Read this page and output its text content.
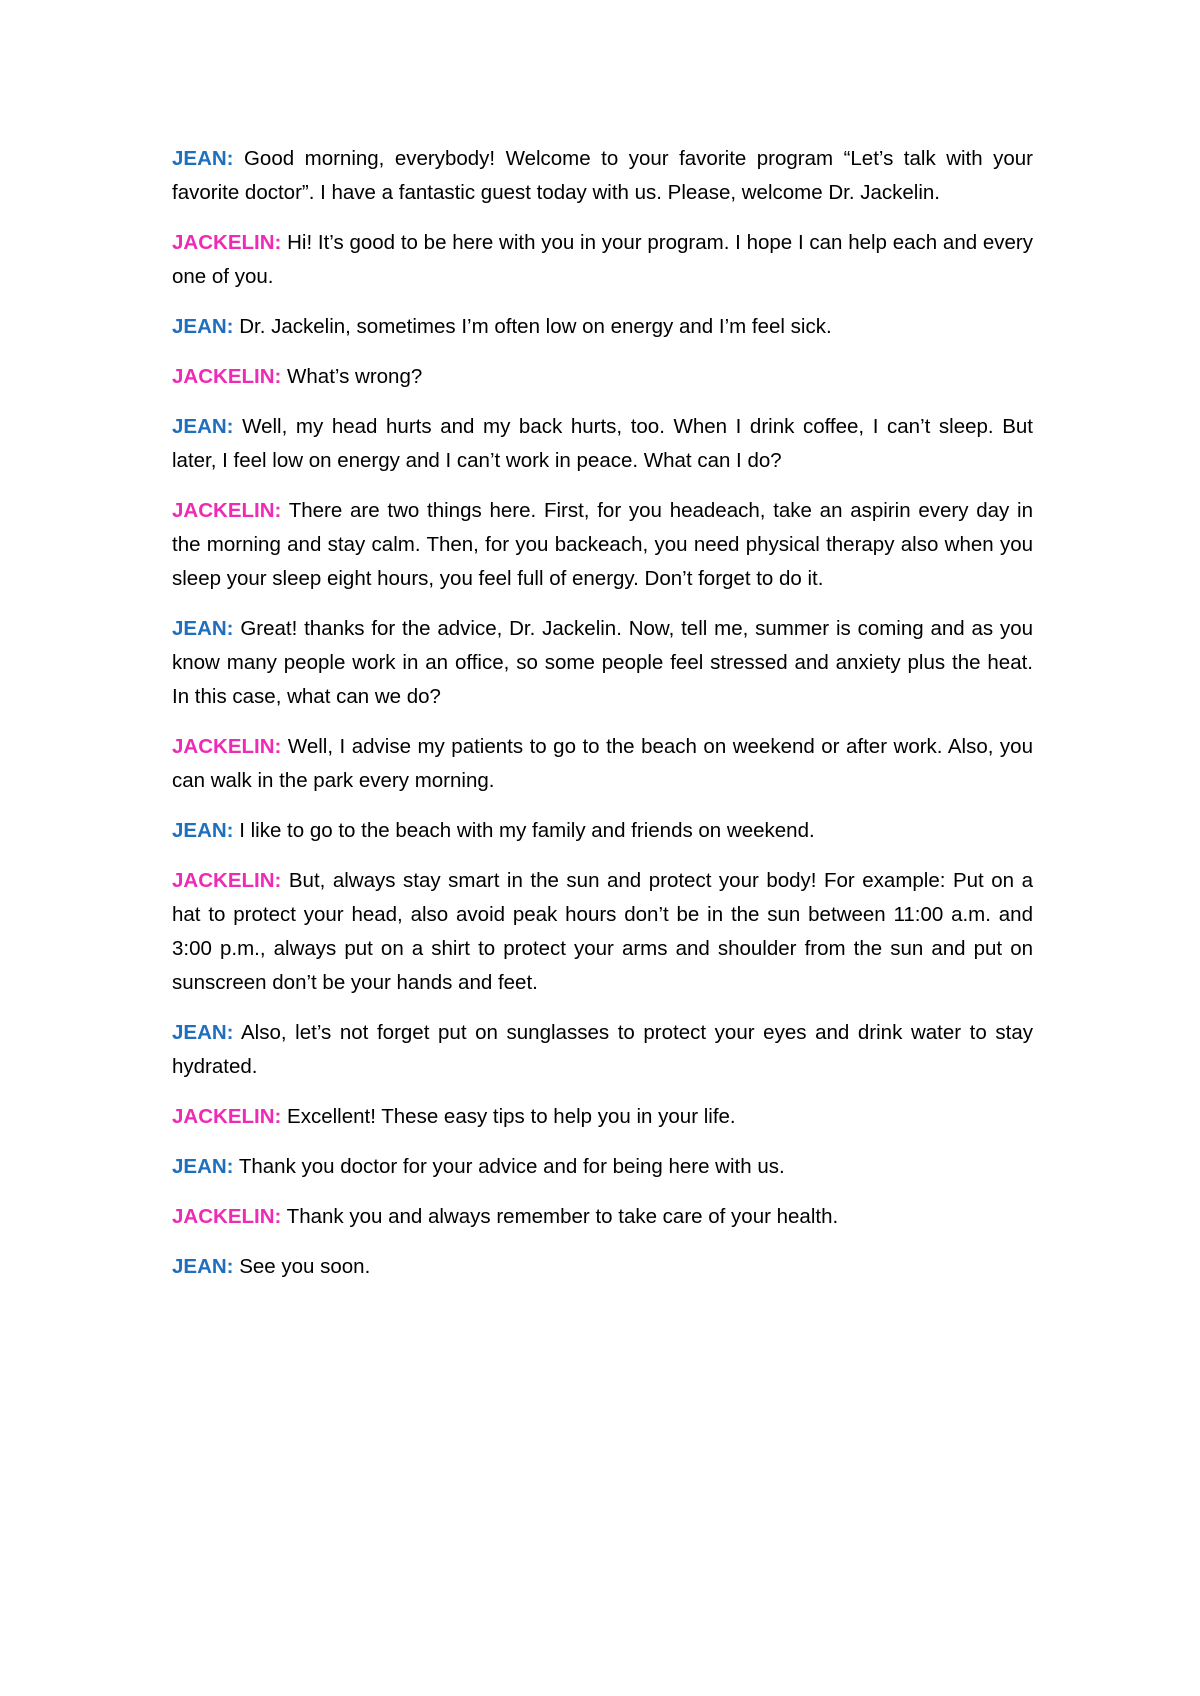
JEAN: Good morning, everybody! Welcome to your favorite program “Let’s talk with your favorite doctor”. I have a fantastic guest today with us. Please, welcome Dr. Jackelin.

JACKELIN: Hi! It’s good to be here with you in your program. I hope I can help each and every one of you.

JEAN: Dr. Jackelin, sometimes I’m often low on energy and I’m feel sick.

JACKELIN: What’s wrong?

JEAN: Well, my head hurts and my back hurts, too. When I drink coffee, I can’t sleep. But later, I feel low on energy and I can’t work in peace. What can I do?

JACKELIN: There are two things here. First, for you headeach, take an aspirin every day in the morning and stay calm. Then, for you backeach, you need physical therapy also when you sleep your sleep eight hours, you feel full of energy. Don’t forget to do it.

JEAN: Great! thanks for the advice, Dr. Jackelin. Now, tell me, summer is coming and as you know many people work in an office, so some people feel stressed and anxiety plus the heat. In this case, what can we do?

JACKELIN: Well, I advise my patients to go to the beach on weekend or after work. Also, you can walk in the park every morning.

JEAN: I like to go to the beach with my family and friends on weekend.

JACKELIN: But, always stay smart in the sun and protect your body! For example: Put on a hat to protect your head, also avoid peak hours don’t be in the sun between 11:00 a.m. and 3:00 p.m., always put on a shirt to protect your arms and shoulder from the sun and put on sunscreen don’t be your hands and feet.

JEAN: Also, let’s not forget put on sunglasses to protect your eyes and drink water to stay hydrated.

JACKELIN: Excellent! These easy tips to help you in your life.

JEAN: Thank you doctor for your advice and for being here with us.

JACKELIN: Thank you and always remember to take care of your health.

JEAN: See you soon.
